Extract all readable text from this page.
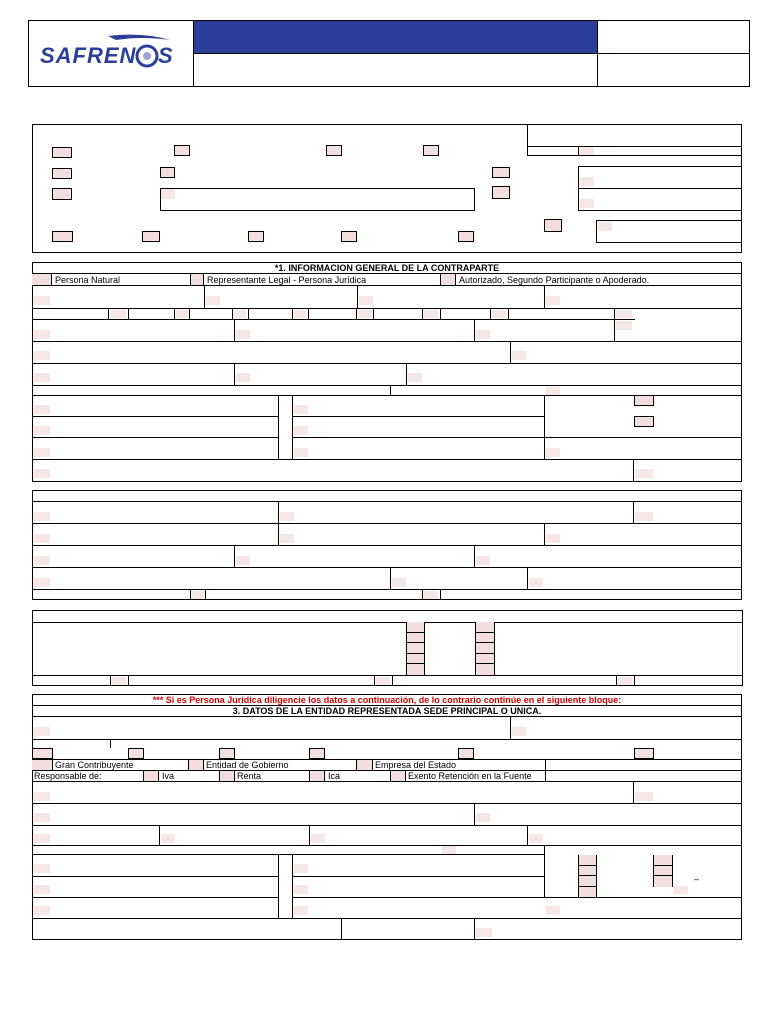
SAFREN S
*1. INFORMACION GENERAL DE LA CONTRAPARTE
Persona Natural	Representante Legal - Persona Jurídica	Autorizado, Segundo Participante o Apoderado.
*** Si es Persona Jurídica diligencie los datos a continuación, de lo contrario continúe en el siguiente bloque:
3. DATOS DE LA ENTIDAD REPRESENTADA SEDE PRINCIPAL O UNICA.
Gran Contribuyente	Entidad de Gobierno	Empresa del Estado
Responsable de:	Iva	Renta	Ica	Exento Retención en la Fuente
–
